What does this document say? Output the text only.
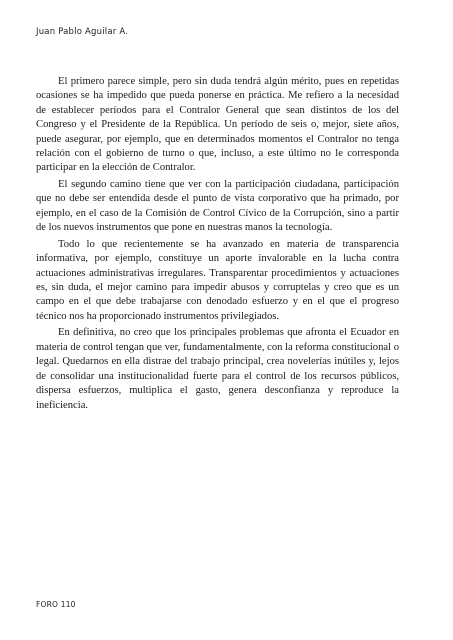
Juan Pablo Aguilar A.

El primero parece simple, pero sin duda tendrá algún mérito, pues en repetidas ocasiones se ha impedido que pueda ponerse en práctica. Me refiero a la necesidad de establecer períodos para el Contralor General que sean distintos de los del Congreso y el Presidente de la República. Un período de seis o, mejor, siete años, puede asegurar, por ejemplo, que en determinados momentos el Contralor no tenga relación con el gobierno de turno o que, incluso, a este último no le corresponda participar en la elección de Contralor.

El segundo camino tiene que ver con la participación ciudadana, participación que no debe ser entendida desde el punto de vista corporativo que ha primado, por ejemplo, en el caso de la Comisión de Control Cívico de la Corrupción, sino a partir de los nuevos instrumentos que pone en nuestras manos la tecnología.

Todo lo que recientemente se ha avanzado en materia de transparencia informativa, por ejemplo, constituye un aporte invalorable en la lucha contra actuaciones administrativas irregulares. Transparentar procedimientos y actuaciones es, sin duda, el mejor camino para impedir abusos y corruptelas y creo que es un campo en el que debe trabajarse con denodado esfuerzo y en el que el progreso técnico nos ha proporcionado instrumentos privilegiados.

En definitiva, no creo que los principales problemas que afronta el Ecuador en materia de control tengan que ver, fundamentalmente, con la reforma constitucional o legal. Quedarnos en ella distrae del trabajo principal, crea novelerías inútiles y, lejos de consolidar una institucionalidad fuerte para el control de los recursos públicos, dispersa esfuerzos, multiplica el gasto, genera desconfianza y reproduce la ineficiencia.

FORO 110
